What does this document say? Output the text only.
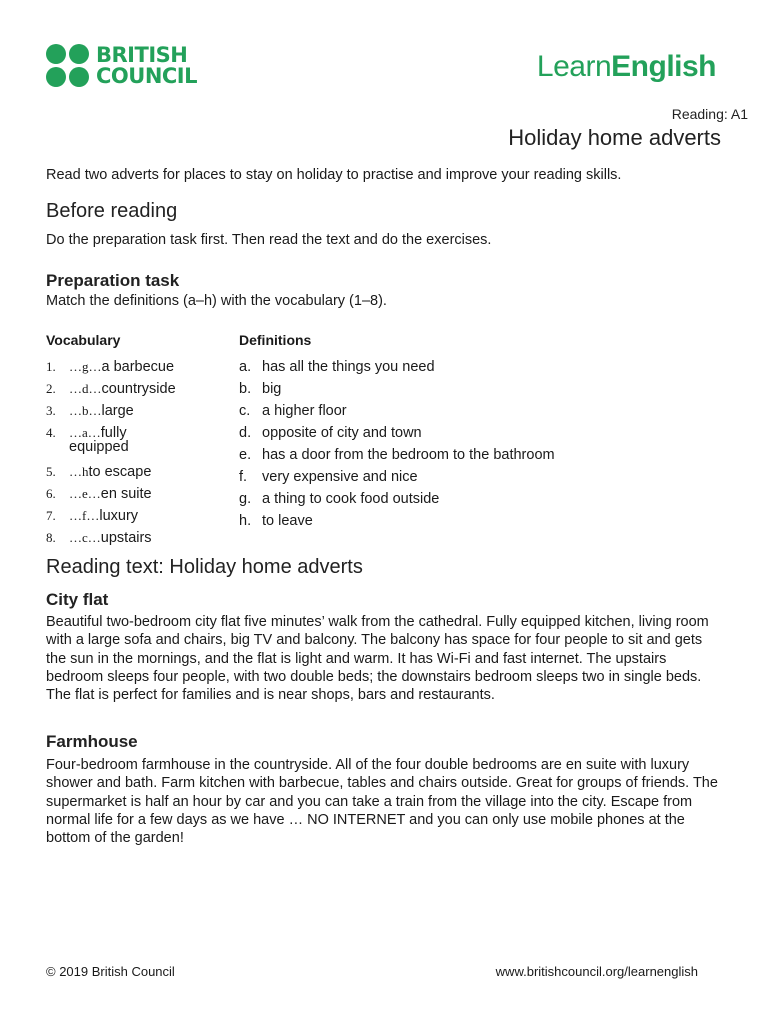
BRITISH
COUNCIL	LearnEnglish
Reading: A1
Holiday home adverts
Read two adverts for places to stay on holiday to practise and improve your reading skills.
Before reading
Do the preparation task first. Then read the text and do the exercises.
Preparation task
Match the definitions (a–h) with the vocabulary (1–8).
Vocabulary	Definitions
1.	…g… a barbecue
2.	…d… countryside
3.	…b… large
4.	…a… fully
equipped
5.	…h to escape
6.	…e… en suite
7.	…f… luxury
8.	…c… upstairs
a. has all the things you need
b. big
c. a higher floor
d. opposite of city and town
e. has a door from the bedroom to the bathroom
f.	very expensive and nice
g. a thing to cook food outside
h. to leave
Reading text: Holiday home adverts
City flat
Beautiful two-bedroom city flat five minutes’ walk from the cathedral. Fully equipped kitchen, living room with a large sofa and chairs, big TV and balcony. The balcony has space for four people to sit and gets the sun in the mornings, and the flat is light and warm. It has Wi-Fi and fast internet. The upstairs bedroom sleeps four people, with two double beds; the downstairs bedroom sleeps two in single beds. The flat is perfect for families and is near shops, bars and restaurants.
Farmhouse
Four-bedroom farmhouse in the countryside. All of the four double bedrooms are en suite with luxury shower and bath. Farm kitchen with barbecue, tables and chairs outside. Great for groups of friends. The supermarket is half an hour by car and you can take a train from the village into the city. Escape from normal life for a few days as we have … NO INTERNET and you can only use mobile phones at the bottom of the garden!
© 2019 British Council	www.britishcouncil.org/learnenglish
